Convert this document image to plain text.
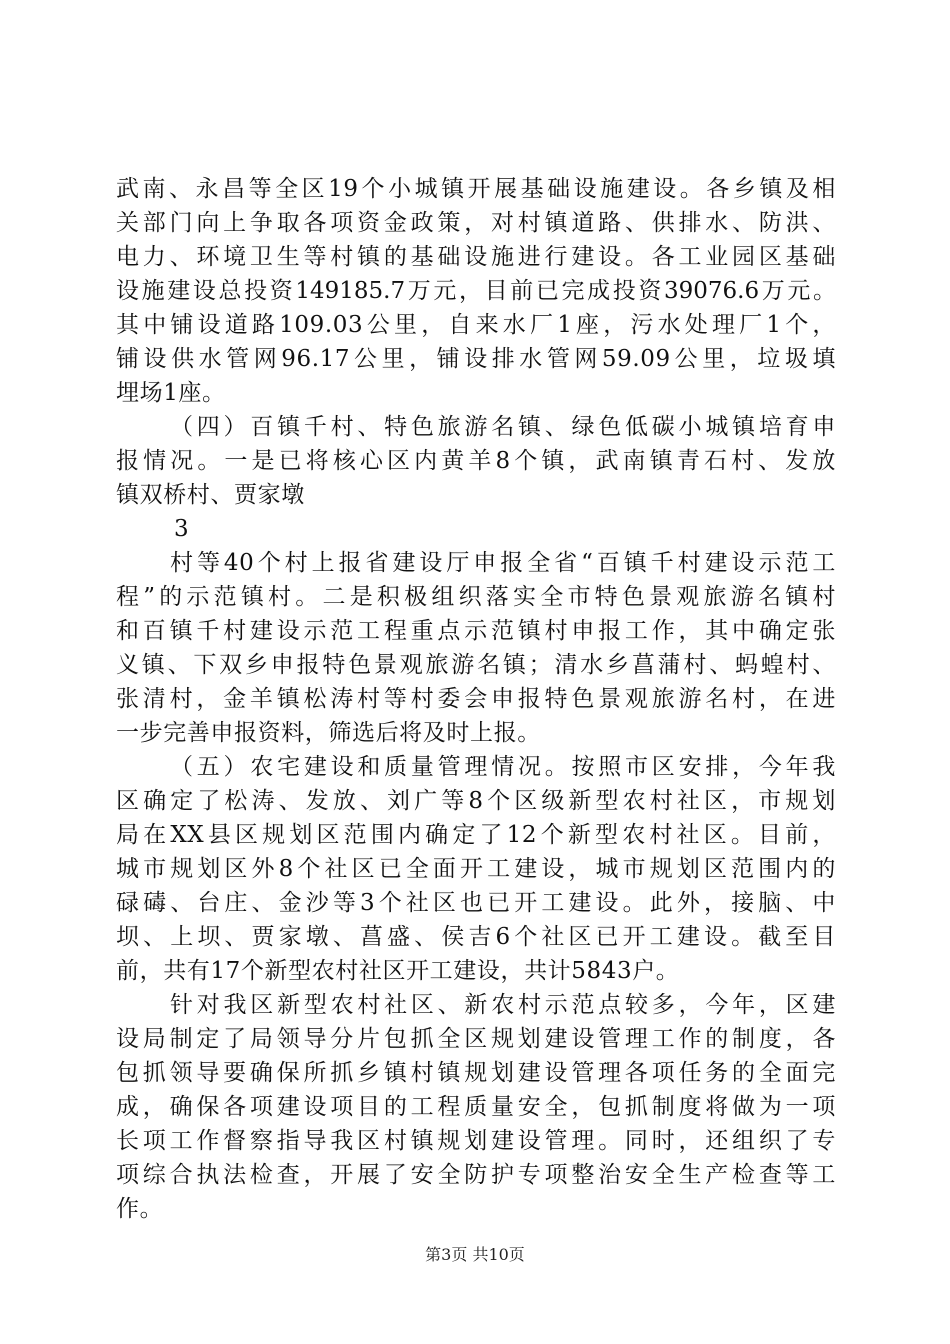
武南、永昌等全区19个小城镇开展基础设施建设。各乡镇及相
关部门向上争取各项资金政策，对村镇道路、供排水、防洪、
电力、环境卫生等村镇的基础设施进行建设。各工业园区基础
设施建设总投资149185.7万元，目前已完成投资39076.6万元。
其中铺设道路109.03公里，自来水厂1座，污水处理厂1个，
铺设供水管网96.17公里，铺设排水管网59.09公里，垃圾填
埋场1座。
（四）百镇千村、特色旅游名镇、绿色低碳小城镇培育申
报情况。一是已将核心区内黄羊8个镇，武南镇青石村、发放
镇双桥村、贾家墩
3
村等40个村上报省建设厅申报全省“百镇千村建设示范工
程”的示范镇村。二是积极组织落实全市特色景观旅游名镇村
和百镇千村建设示范工程重点示范镇村申报工作，其中确定张
义镇、下双乡申报特色景观旅游名镇；清水乡菖蒲村、蚂蝗村、
张清村，金羊镇松涛村等村委会申报特色景观旅游名村，在进
一步完善申报资料，筛选后将及时上报。
（五）农宅建设和质量管理情况。按照市区安排，今年我
区确定了松涛、发放、刘广等8个区级新型农村社区，市规划
局在XX县区规划区范围内确定了12个新型农村社区。目前，
城市规划区外8个社区已全面开工建设，城市规划区范围内的
碌碡、台庄、金沙等3个社区也已开工建设。此外，接脑、中
坝、上坝、贾家墩、菖盛、侯吉6个社区已开工建设。截至目
前，共有17个新型农村社区开工建设，共计5843户。
针对我区新型农村社区、新农村示范点较多，今年，区建
设局制定了局领导分片包抓全区规划建设管理工作的制度，各
包抓领导要确保所抓乡镇村镇规划建设管理各项任务的全面完
成，确保各项建设项目的工程质量安全，包抓制度将做为一项
长项工作督察指导我区村镇规划建设管理。同时，还组织了专
项综合执法检查，开展了安全防护专项整治安全生产检查等工
作。
第3页 共10页
